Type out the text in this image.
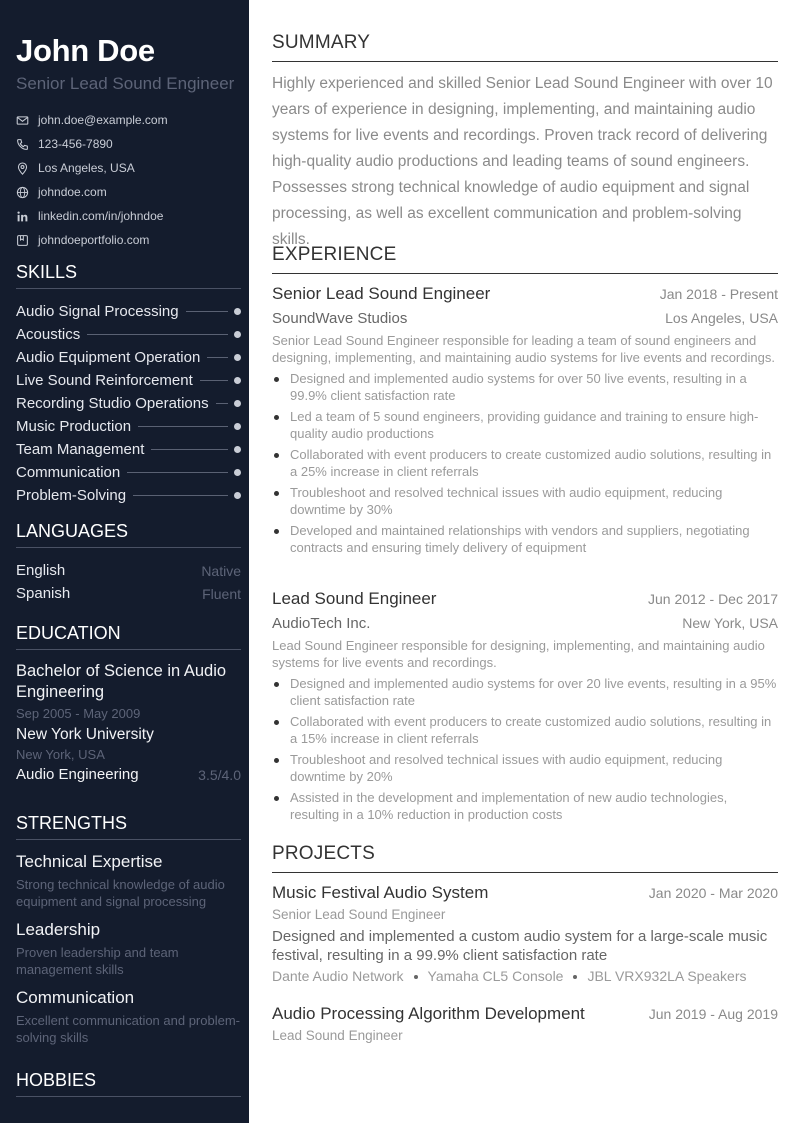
John Doe
Senior Lead Sound Engineer
john.doe@example.com
123-456-7890
Los Angeles, USA
johndoe.com
linkedin.com/in/johndoe
johndoeportfolio.com
SKILLS
Audio Signal Processing
Acoustics
Audio Equipment Operation
Live Sound Reinforcement
Recording Studio Operations
Music Production
Team Management
Communication
Problem-Solving
LANGUAGES
English	Native
Spanish	Fluent
EDUCATION
Bachelor of Science in Audio Engineering
Sep 2005 - May 2009
New York University
New York, USA
Audio Engineering	3.5/4.0
STRENGTHS
Technical Expertise
Strong technical knowledge of audio equipment and signal processing
Leadership
Proven leadership and team management skills
Communication
Excellent communication and problem-solving skills
HOBBIES
SUMMARY
Highly experienced and skilled Senior Lead Sound Engineer with over 10 years of experience in designing, implementing, and maintaining audio systems for live events and recordings. Proven track record of delivering high-quality audio productions and leading teams of sound engineers. Possesses strong technical knowledge of audio equipment and signal processing, as well as excellent communication and problem-solving skills.
EXPERIENCE
Senior Lead Sound Engineer	Jan 2018 - Present
SoundWave Studios	Los Angeles, USA
Senior Lead Sound Engineer responsible for leading a team of sound engineers and designing, implementing, and maintaining audio systems for live events and recordings.
Designed and implemented audio systems for over 50 live events, resulting in a 99.9% client satisfaction rate
Led a team of 5 sound engineers, providing guidance and training to ensure high-quality audio productions
Collaborated with event producers to create customized audio solutions, resulting in a 25% increase in client referrals
Troubleshoot and resolved technical issues with audio equipment, reducing downtime by 30%
Developed and maintained relationships with vendors and suppliers, negotiating contracts and ensuring timely delivery of equipment
Lead Sound Engineer	Jun 2012 - Dec 2017
AudioTech Inc.	New York, USA
Lead Sound Engineer responsible for designing, implementing, and maintaining audio systems for live events and recordings.
Designed and implemented audio systems for over 20 live events, resulting in a 95% client satisfaction rate
Collaborated with event producers to create customized audio solutions, resulting in a 15% increase in client referrals
Troubleshoot and resolved technical issues with audio equipment, reducing downtime by 20%
Assisted in the development and implementation of new audio technologies, resulting in a 10% reduction in production costs
PROJECTS
Music Festival Audio System	Jan 2020 - Mar 2020
Senior Lead Sound Engineer
Designed and implemented a custom audio system for a large-scale music festival, resulting in a 99.9% client satisfaction rate
Dante Audio Network Yamaha CL5 Console JBL VRX932LA Speakers
Audio Processing Algorithm Development	Jun 2019 - Aug 2019
Lead Sound Engineer
